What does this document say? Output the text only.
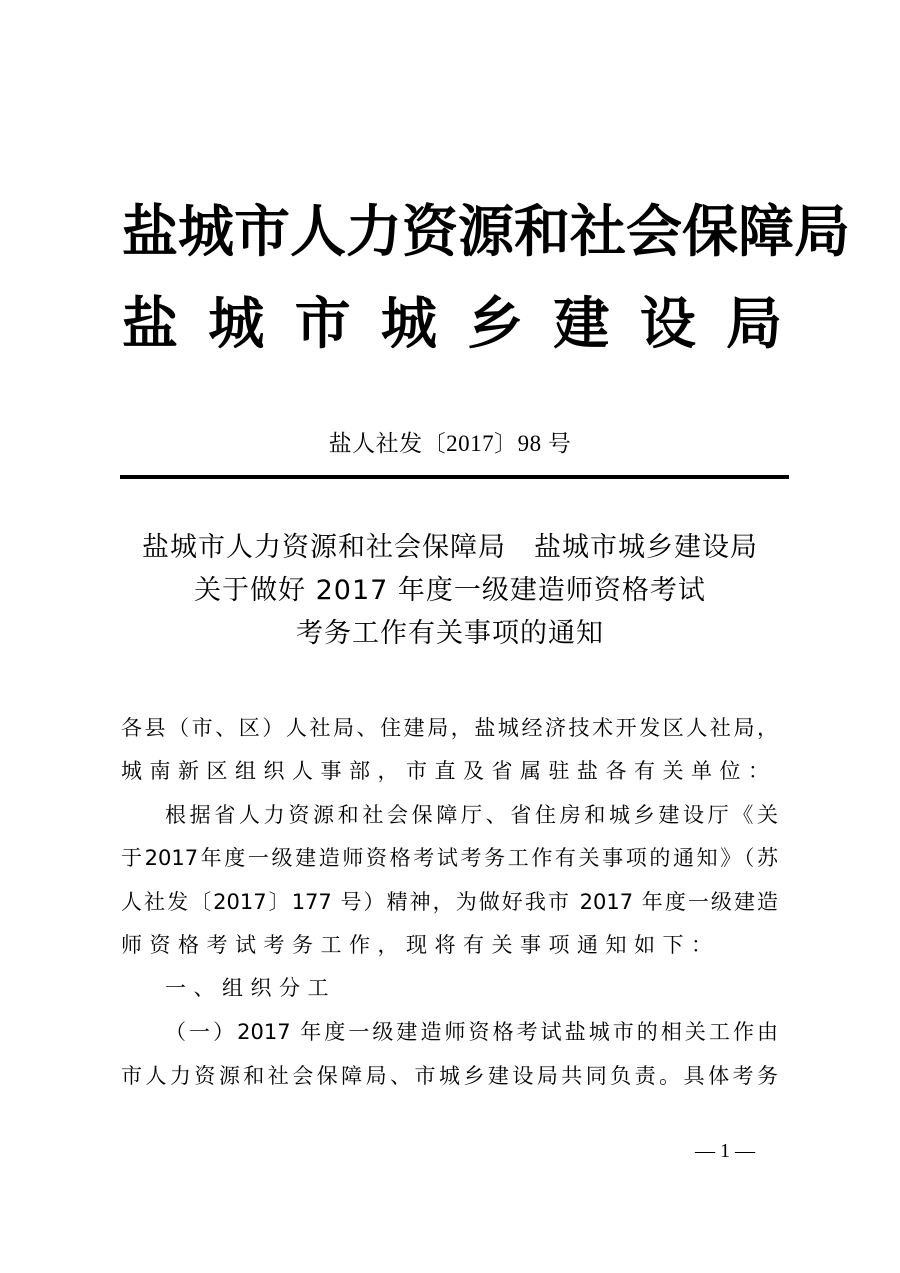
盐 城 市 人 力 资 源 和 社 会 保 障 局
盐 城 市 城 乡 建 设 局
盐人社发〔2017〕98 号
盐城市人力资源和社会保障局　盐城市城乡建设局
关于做好 2017 年度一级建造师资格考试
考务工作有关事项的通知
各县（市、区）人社局、住建局，盐城经济技术开发区人社局，
城南新区组织人事部，市直及省属驻盐各有关单位：
根据省人力资源和社会保障厅、省住房和城乡建设厅《关
于2017年度一级建造师资格考试考务工作有关事项的通知》（苏
人社发〔2017〕177 号）精神，为做好我市 2017 年度一级建造
师资格考试考务工作，现将有关事项通知如下：
一、组织分工
（一）2017 年度一级建造师资格考试盐城市的相关工作由
市人力资源和社会保障局、市城乡建设局共同负责。具体考务
— 1 —
